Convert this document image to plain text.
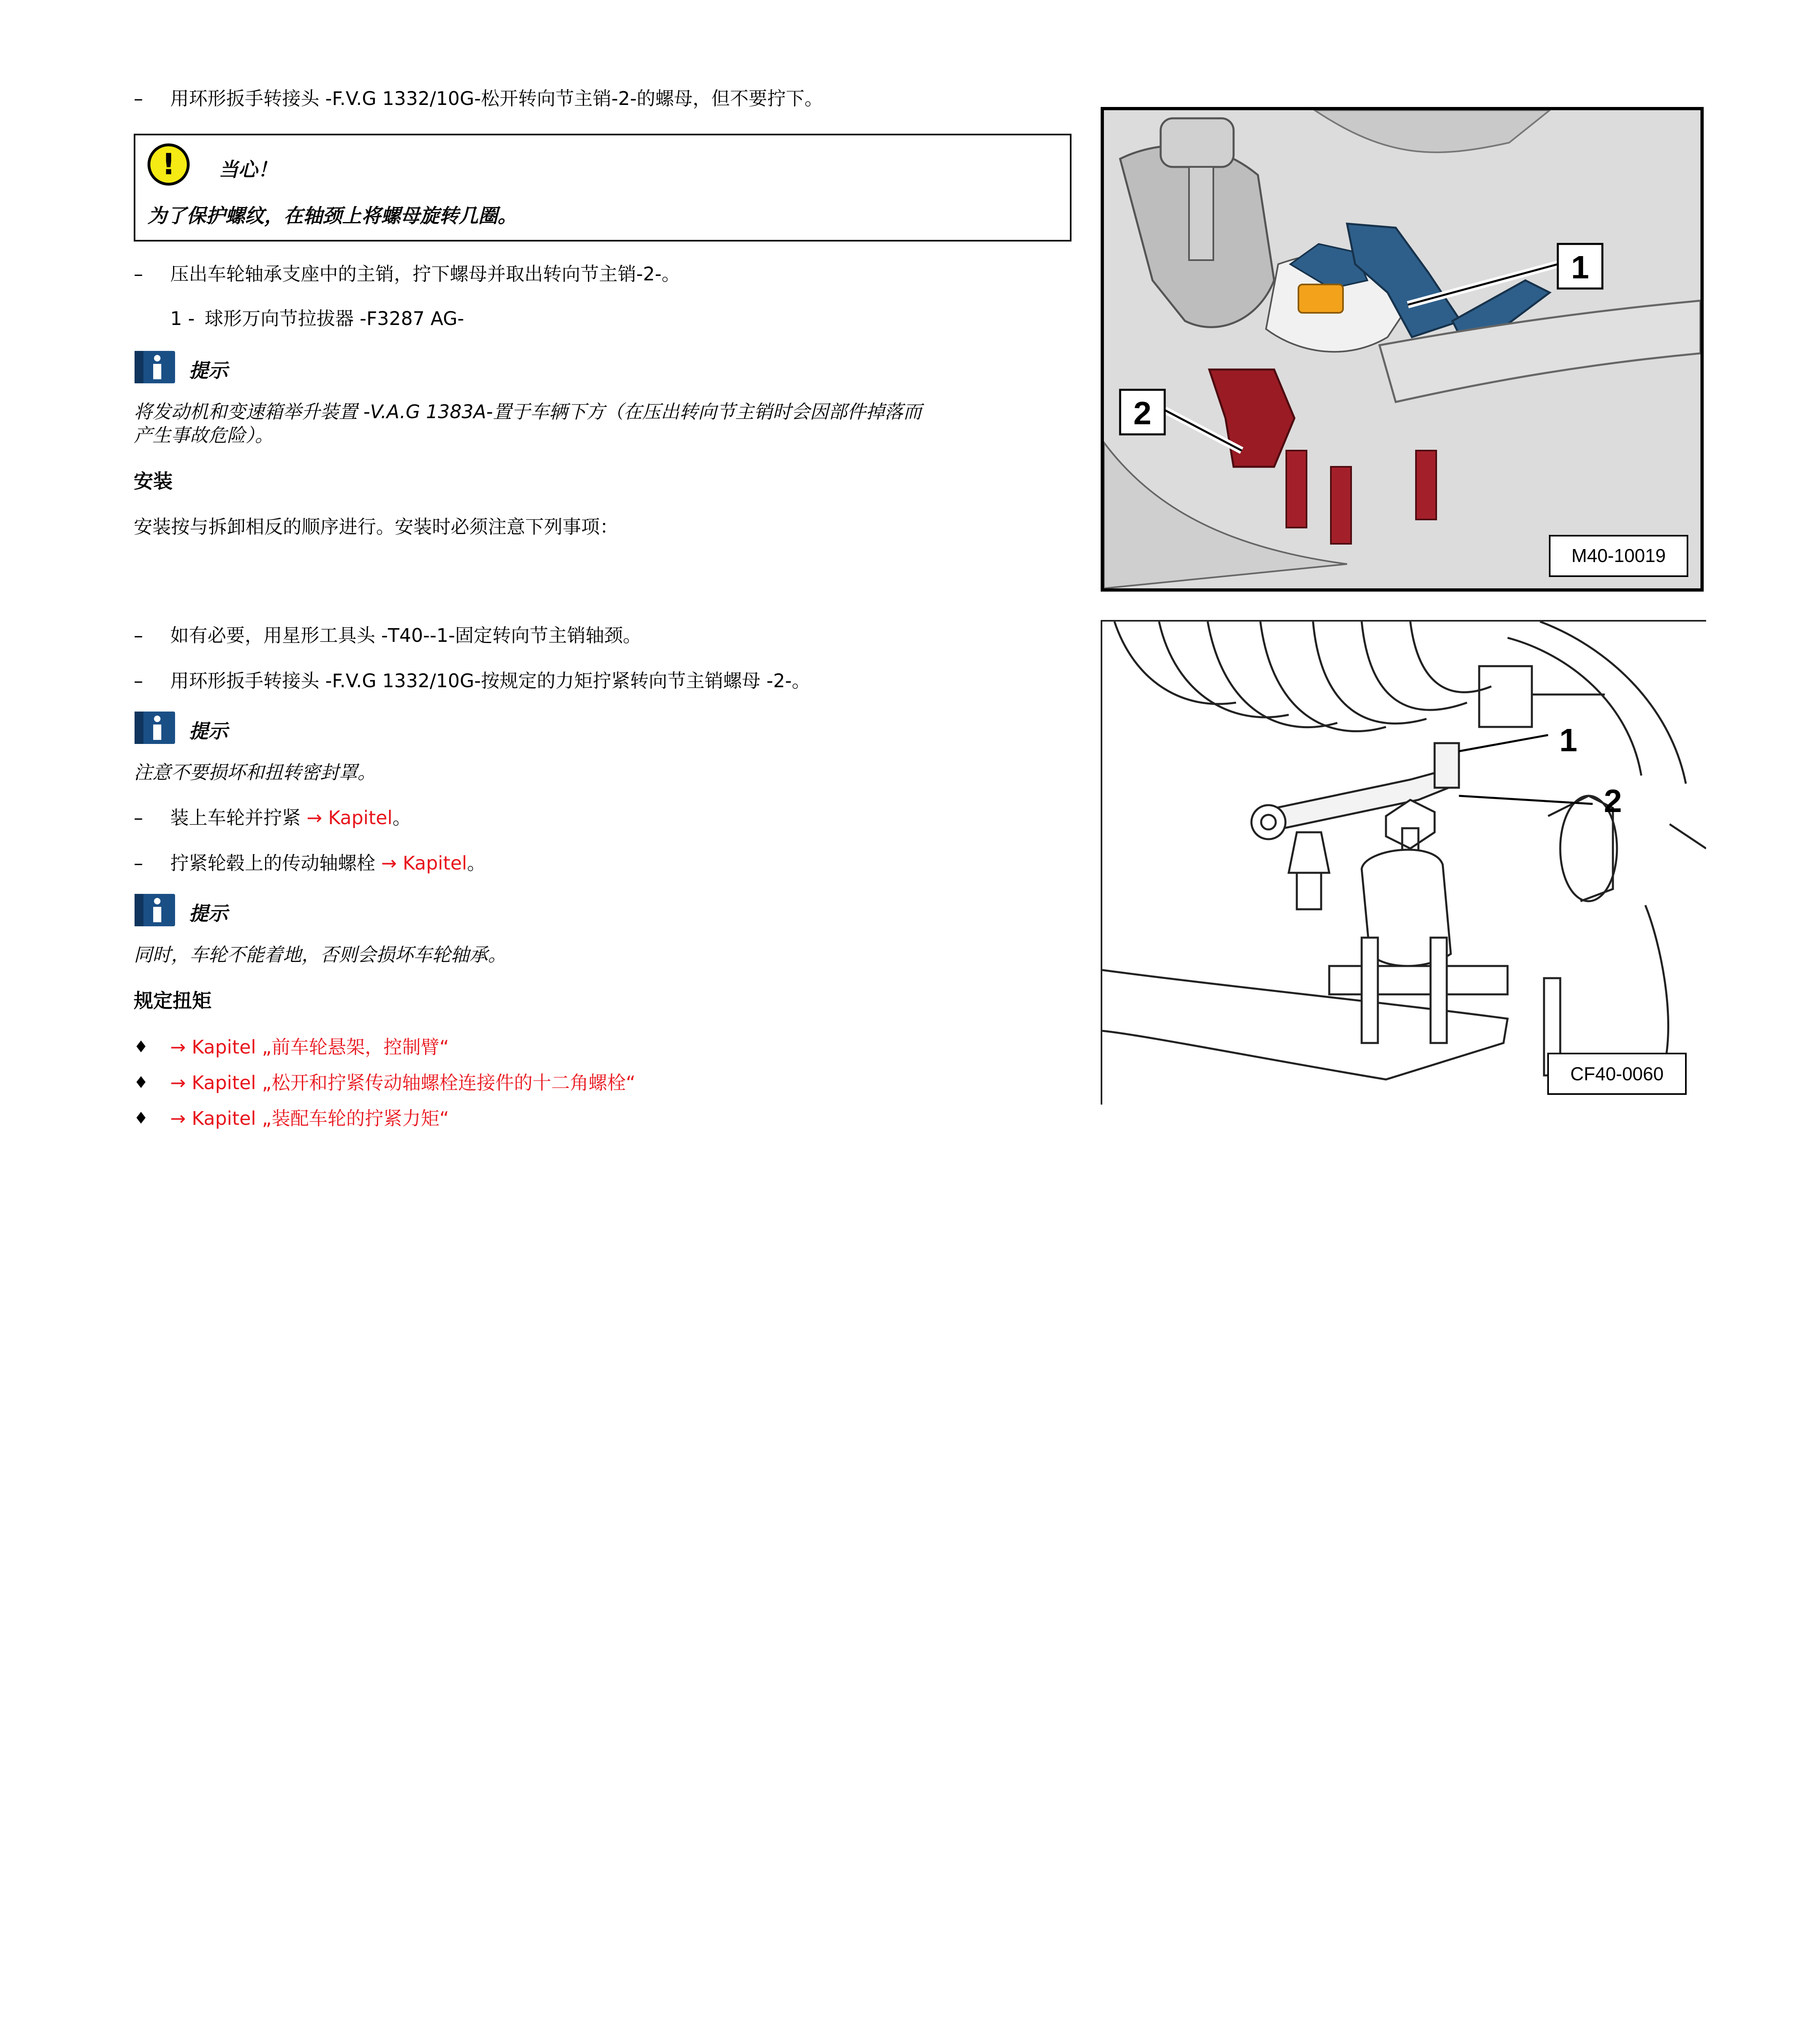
– 用环形扳手转接头 -F.V.G 1332/10G-松开转向节主销-2-的螺母，但不要拧下。
!	当心！
为了保护螺纹，在轴颈上将螺母旋转几圈。
– 压出车轮轴承支座中的主销，拧下螺母并取出转向节主销-2-。
1 - 球形万向节拉拔器 -F3287 AG-
提示
将发动机和变速箱举升装置 -V.A.G 1383A-置于车辆下方（在压出转向节主销时会因部件掉落而
产生事故危险）。
安装
安装按与拆卸相反的顺序进行。安装时必须注意下列事项：
– 如有必要，用星形工具头 -T40--1-固定转向节主销轴颈。
– 用环形扳手转接头 -F.V.G 1332/10G-按规定的力矩拧紧转向节主销螺母 -2-。
提示
注意不要损坏和扭转密封罩。
– 装上车轮并拧紧 → Kapitel。
– 拧紧轮毂上的传动轴螺栓 → Kapitel。
提示
同时，车轮不能着地，否则会损坏车轮轴承。
规定扭矩
♦ → Kapitel „前车轮悬架，控制臂“
♦ → Kapitel „松开和拧紧传动轴螺栓连接件的十二角螺栓“
♦ → Kapitel „装配车轮的拧紧力矩“
1
2
M40-10019
1
2
CF40-0060
